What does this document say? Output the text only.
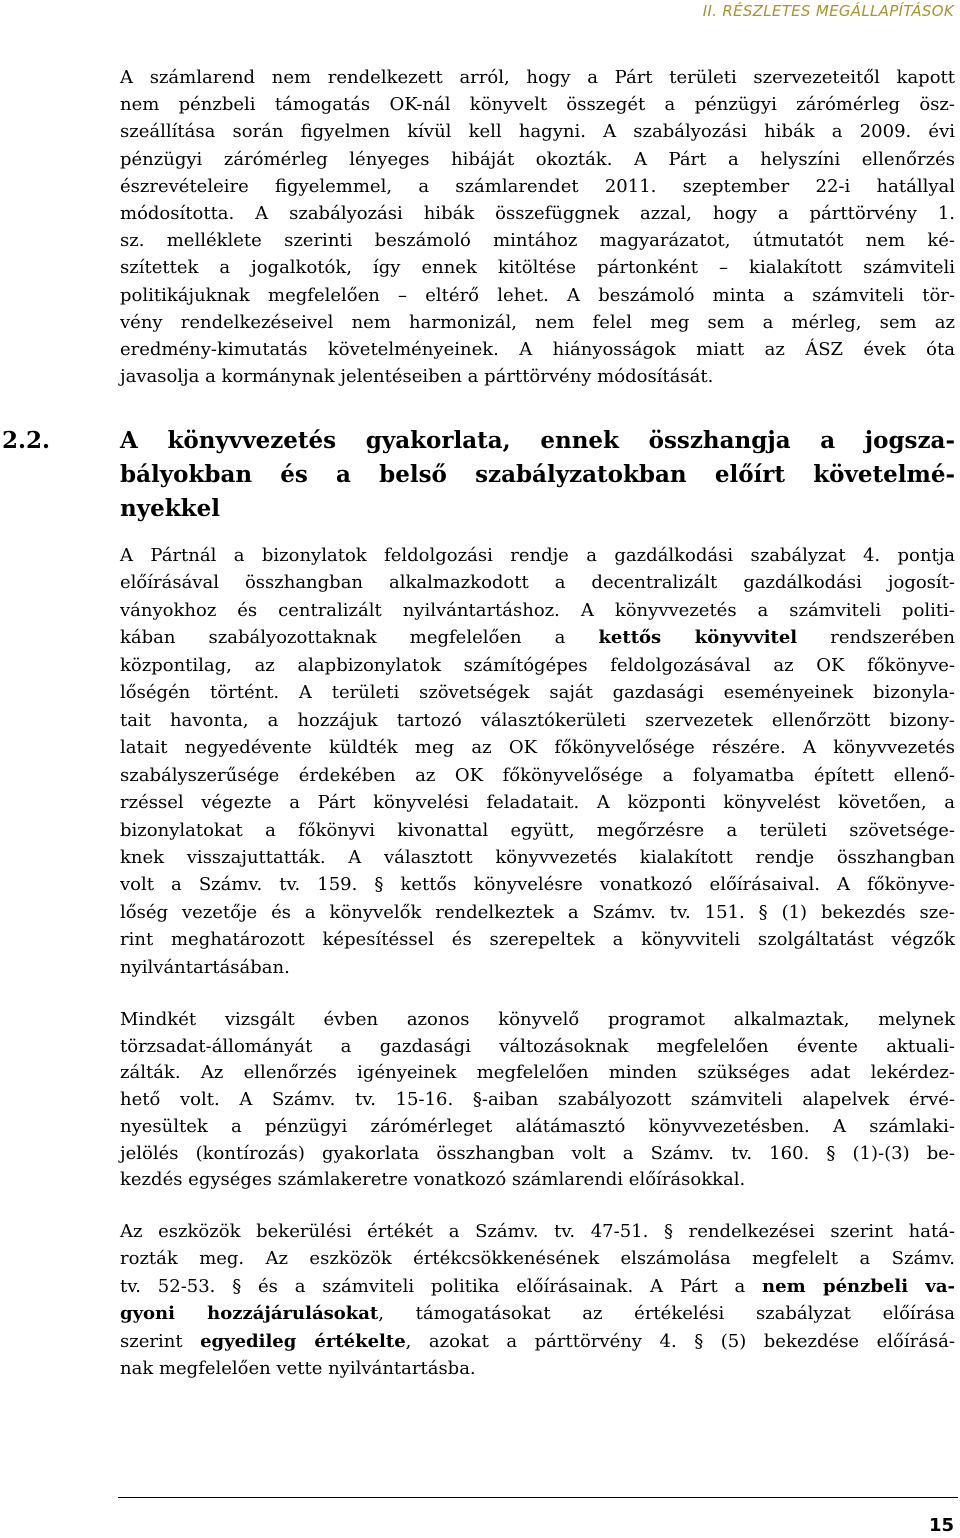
II. RÉSZLETES MEGÁLLAPÍTÁSOK
A számlarend nem rendelkezett arról, hogy a Párt területi szervezeteitől kapott
nem pénzbeli támogatás OK-nál könyvelt összegét a pénzügyi zárómérleg ösz-
szeállítása során figyelmen kívül kell hagyni. A szabályozási hibák a 2009. évi
pénzügyi zárómérleg lényeges hibáját okozták. A Párt a helyszíni ellenőrzés
észrevételeire figyelemmel, a számlarendet 2011. szeptember 22-i hatállyal
módosította. A szabályozási hibák összefüggnek azzal, hogy a párttörvény 1.
sz. melléklete szerinti beszámoló mintához magyarázatot, útmutatót nem ké-
szítettek a jogalkotók, így ennek kitöltése pártonként – kialakított számviteli
politikájuknak megfelelően – eltérő lehet. A beszámoló minta a számviteli tör-
vény rendelkezéseivel nem harmonizál, nem felel meg sem a mérleg, sem az
eredmény-kimutatás követelményeinek. A hiányosságok miatt az ÁSZ évek óta
javasolja a kormánynak jelentéseiben a párttörvény módosítását.
2.2.	A könyvvezetés gyakorlata, ennek összhangja a jogsza-
bályokban és a belső szabályzatokban előírt követelmé-
nyekkel
A Pártnál a bizonylatok feldolgozási rendje a gazdálkodási szabályzat 4. pontja
előírásával összhangban alkalmazkodott a decentralizált gazdálkodási jogosít-
ványokhoz és centralizált nyilvántartáshoz. A könyvvezetés a számviteli politi-
kában szabályozottaknak megfelelően a kettős könyvvitel rendszerében
központilag, az alapbizonylatok számítógépes feldolgozásával az OK főkönyve-
lőségén történt. A területi szövetségek saját gazdasági eseményeinek bizonyla-
tait havonta, a hozzájuk tartozó választókerületi szervezetek ellenőrzött bizony-
latait negyedévente küldték meg az OK főkönyvelősége részére. A könyvvezetés
szabályszerűsége érdekében az OK főkönyvelősége a folyamatba épített ellenő-
rzéssel végezte a Párt könyvelési feladatait. A központi könyvelést követően, a
bizonylatokat a főkönyvi kivonattal együtt, megőrzésre a területi szövetsége-
knek visszajuttatták. A választott könyvvezetés kialakított rendje összhangban
volt a Számv. tv. 159. § kettős könyvelésre vonatkozó előírásaival. A főkönyve-
lőség vezetője és a könyvelők rendelkeztek a Számv. tv. 151. § (1) bekezdés sze-
rint meghatározott képesítéssel és szerepeltek a könyvviteli szolgáltatást végzők
nyilvántartásában.
Mindkét vizsgált évben azonos könyvelő programot alkalmaztak, melynek
törzsadat-állományát a gazdasági változásoknak megfelelően évente aktuali-
zálták. Az ellenőrzés igényeinek megfelelően minden szükséges adat lekérdez-
hető volt. A Számv. tv. 15-16. §-aiban szabályozott számviteli alapelvek érvé-
nyesültek a pénzügyi zárómérleget alátámasztó könyvvezetésben. A számlaki-
jelölés (kontírozás) gyakorlata összhangban volt a Számv. tv. 160. § (1)-(3) be-
kezdés egységes számlakeretre vonatkozó számlarendi előírásokkal.
Az eszközök bekerülési értékét a Számv. tv. 47-51. § rendelkezései szerint hatá-
rozták meg. Az eszközök értékcsökkenésének elszámolása megfelelt a Számv.
tv. 52-53. § és a számviteli politika előírásainak. A Párt a nem pénzbeli va-
gyoni hozzájárulásokat, támogatásokat az értékelési szabályzat előírása
szerint egyedileg értékelte, azokat a párttörvény 4. § (5) bekezdése előírásá-
nak megfelelően vette nyilvántartásba.
15
